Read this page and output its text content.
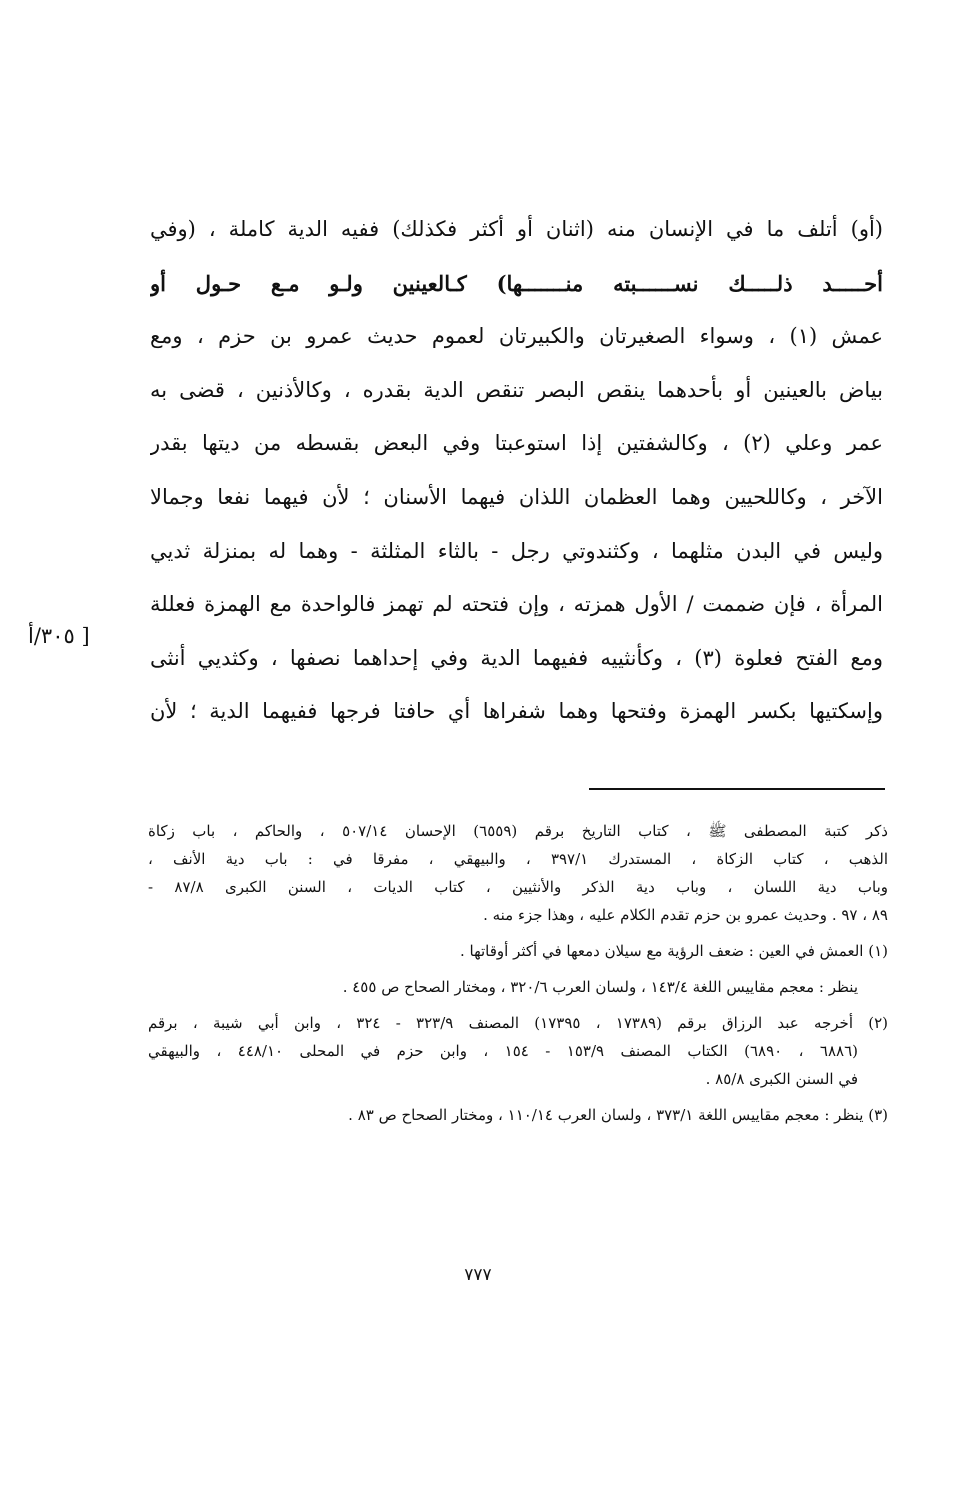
(أو) أتلف ما في الإنسان منه (اثنان أو أكثر فكذلك) ففيه الدية كاملة ، (وفي
أحـــــد ذلـــــك نســــــبته منـــــــها) كـالعينين ولـو مـع حـول أو
عمش (١) ، وسواء الصغيرتان والكبيرتان لعموم حديث عمرو بن حزم ، ومع
بياض بالعينين أو بأحدهما ينقص البصر تنقص الدية بقدره ، وكالأذنين ، قضى به
عمر وعلي (٢) ، وكالشفتين إذا استوعبتا وفي البعض بقسطه من ديتها بقدر
الآخر ، وكاللحيين وهما العظمان اللذان فيهما الأسنان ؛ لأن فيهما نفعا وجمالا
وليس في البدن مثلهما ، وكثندوتي رجل - بالثاء المثلثة - وهما له بمنزلة ثديي
المرأة ، فإن ضممت / الأول همزته ، وإن فتحته لم تهمز فالواحدة مع الهمزة فعللة
ومع الفتح فعلوة (٣) ، وكأنثييه ففيهما الدية وفي إحداهما نصفها ، وكثديي أنثى
وإسكتيها بكسر الهمزة وفتحها وهما شفراها أي حافتا فرجها ففيهما الدية ؛ لأن
[ ٣٠٥/أ
ذكر كتبة المصطفى ﷺ ، كتاب التاريخ برقم (٦٥٥٩) الإحسان ٥٠٧/١٤ ، والحاكم ، باب زكاة
الذهب ، كتاب الزكاة ، المستدرك ٣٩٧/١ ، والبيهقي ، مفرقا في : باب دية الأنف ،
وباب دية اللسان ، وباب دية الذكر والأنثيين ، كتاب الديات ، السنن الكبرى ٨٧/٨ -
٨٩ ، ٩٧ . وحديث عمرو بن حزم تقدم الكلام عليه ، وهذا جزء منه .
(١) العمش في العين : ضعف الرؤية مع سيلان دمعها في أكثر أوقاتها .
ينظر : معجم مقاييس اللغة ١٤٣/٤ ، ولسان العرب ٣٢٠/٦ ، ومختار الصحاح ص ٤٥٥ .
(٢) أخرجه عبد الرزاق برقم (١٧٣٨٩ ، ١٧٣٩٥) المصنف ٣٢٣/٩ - ٣٢٤ ، وابن أبي شيبة ، برقم
(٦٨٨٦ ، ٦٨٩٠) الكتاب المصنف ١٥٣/٩ - ١٥٤ ، وابن حزم في المحلى ٤٤٨/١٠ ، والبيهقي
في السنن الكبرى ٨٥/٨ .
(٣) ينظر : معجم مقاييس اللغة ٣٧٣/١ ، ولسان العرب ١١٠/١٤ ، ومختار الصحاح ص ٨٣ .
٧٧٧
